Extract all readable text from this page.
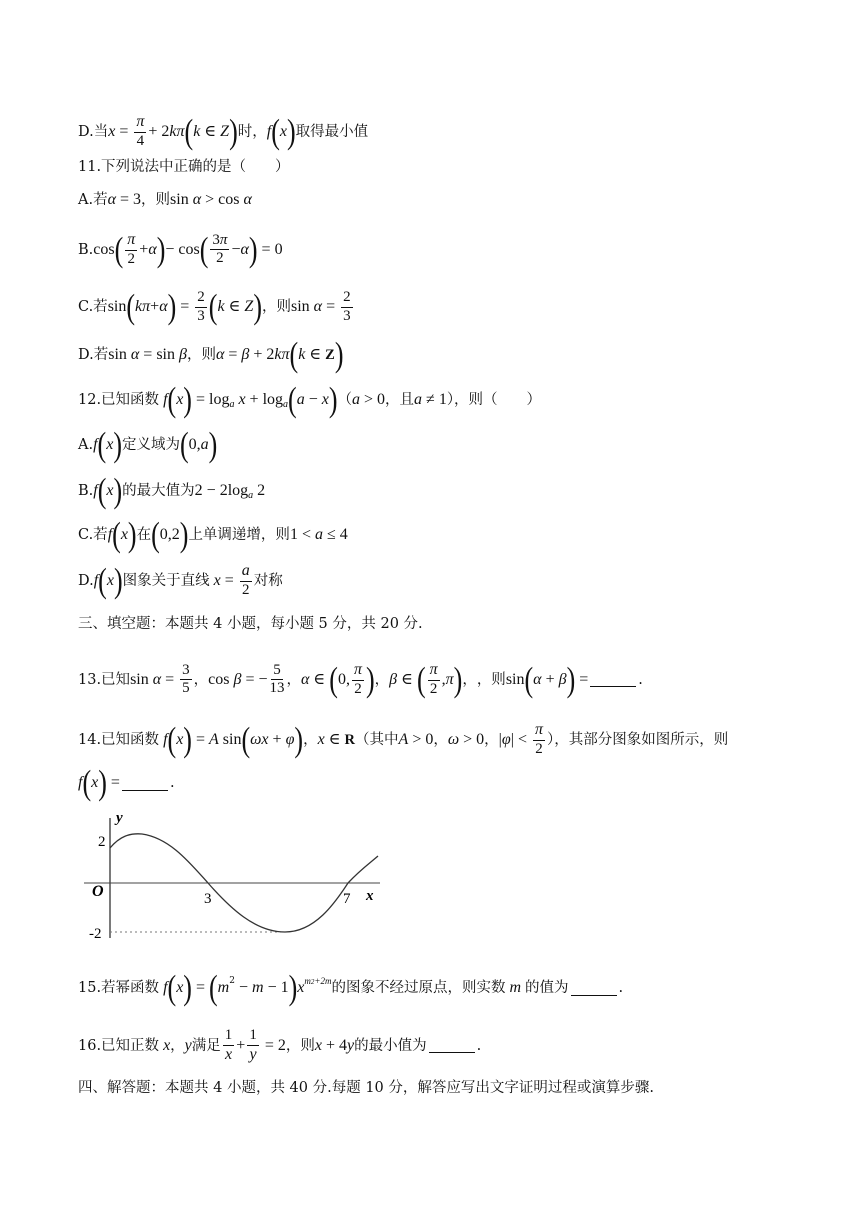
D.当 $x = \frac{\pi}{4} + 2$ kπ ( k ∈ Z ) 时， f ( x ) 取得最小值
11.下列说法中正确的是（　　）
A.若 α = 3 ，则 sin α > cos α
B. cos ( $\frac{\pi}{2} + \alpha$ ) − cos ( $\frac{3\pi}{2} - \alpha$ ) = 0
C.若 sin ( kπ + α ) = $\frac{2}{3}$ ( k ∈ Z ) ，则 $\sin \alpha = \frac{2}{3}$
D.若 sin α = sin β ，则 α = β + 2 kπ ( k ∈ Z )
12.已知函数 f ( x ) = log a x + log a ( a − x ) （ a > 0 ，且 a ≠ 1 ），则（　　）
A. f ( x ) 定义域为 ( 0, a )
B. f ( x ) 的最大值为 2 − 2log a 2
C.若 f ( x ) 在 ( 0,2 ) 上单调递增，则 1 < a ≤ 4
D. f ( x ) 图象关于直线 $x = \frac{a}{2}$ 对称
三、填空题：本题共 4 小题，每小题 5 分，共 20 分.
13.已知 $\sin \alpha = \frac{3}{5}$ ， cos β = − $\frac{5}{13}$ ， α ∈ ( 0, $\frac{\pi}{2}$ ) ， β ∈ ( $\frac{\pi}{2}$ , π ) ， ，则 sin ( α + β ) =	.
14.已知函数 f ( x ) = A sin ( ωx + φ ) ， x ∈ R （其中 A > 0 ， ω > 0 ， | φ | < $\frac{\pi}{2}$ ），其部分图象如图所示，则
f ( x ) =	.
y
2
O	3	7 x
-2
15.若幂函数 f ( x ) = ( m 2 − m − 1 ) x m2+2m 的图象不经过原点，则实数 m 的值为	.
16.已知正数 x ， y 满足 $\frac{1}{x} + \frac{1}{y} = 2$ ，则 x + 4 y 的最小值为	.
四、解答题：本题共 4 小题，共 40 分.每题 10 分，解答应写出文字证明过程或演算步骤.
